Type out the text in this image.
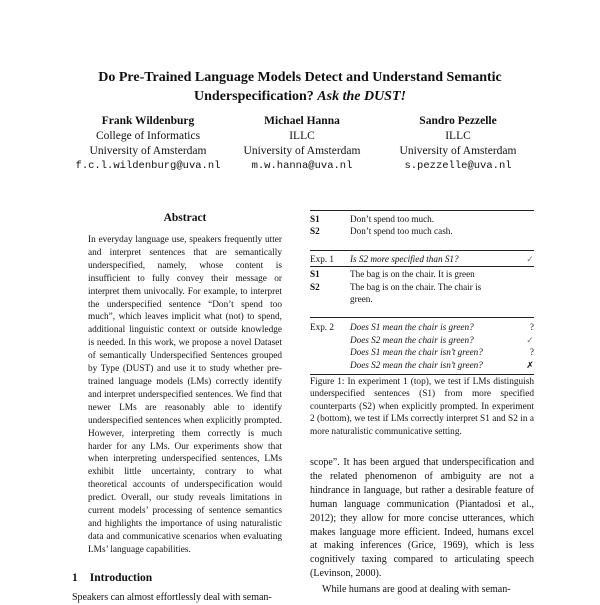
Do Pre-Trained Language Models Detect and Understand Semantic
Underspecification? Ask the DUST!
Frank Wildenburg
College of Informatics
University of Amsterdam
f.c.l.wildenburg@uva.nl
Michael Hanna
ILLC
University of Amsterdam
m.w.hanna@uva.nl
Sandro Pezzelle
ILLC
University of Amsterdam
s.pezzelle@uva.nl
Abstract
In everyday language use, speakers frequently utter and interpret sentences that are semantically underspecified, namely, whose content is insufficient to fully convey their message or interpret them univocally. For example, to interpret the underspecified sentence “Don’t spend too much”, which leaves implicit what (not) to spend, additional linguistic context or outside knowledge is needed. In this work, we propose a novel Dataset of semantically Underspecified Sentences grouped by Type (DUST) and use it to study whether pre-trained language models (LMs) correctly identify and interpret underspecified sentences. We find that newer LMs are reasonably able to identify underspecified sentences when explicitly prompted. However, interpreting them correctly is much harder for any LMs. Our experiments show that when interpreting underspecified sentences, LMs exhibit little uncertainty, contrary to what theoretical accounts of underspecification would predict. Overall, our study reveals limitations in current models’ processing of sentence semantics and highlights the importance of using naturalistic data and communicative scenarios when evaluating LMs’ language capabilities.
1 Introduction
Speakers can almost effortlessly deal with seman-
S1	Don’t spend too much.
S2	Don’t spend too much cash.
Exp. 1	Is S2 more specified than S1?	✓
S1	The bag is on the chair. It is green
S2	The bag is on the chair. The chair is green.
Exp. 2	Does S1 mean the chair is green?	?
Does S2 mean the chair is green?	✓
Does S1 mean the chair isn’t green?	?
Does S2 mean the chair isn’t green?	✗
Figure 1: In experiment 1 (top), we test if LMs distinguish underspecified sentences (S1) from more specified counterparts (S2) when explicitly prompted. In experiment 2 (bottom), we test if LMs correctly interpret S1 and S2 in a more naturalistic communicative setting.
scope”. It has been argued that underspecification and the related phenomenon of ambiguity are not a hindrance in language, but rather a desirable feature of human language communication (Piantadosi et al., 2012); they allow for more concise utterances, which makes language more efficient. Indeed, humans excel at making inferences (Grice, 1969), which is less cognitively taxing compared to articulating speech (Levinson, 2000).
While humans are good at dealing with seman-
